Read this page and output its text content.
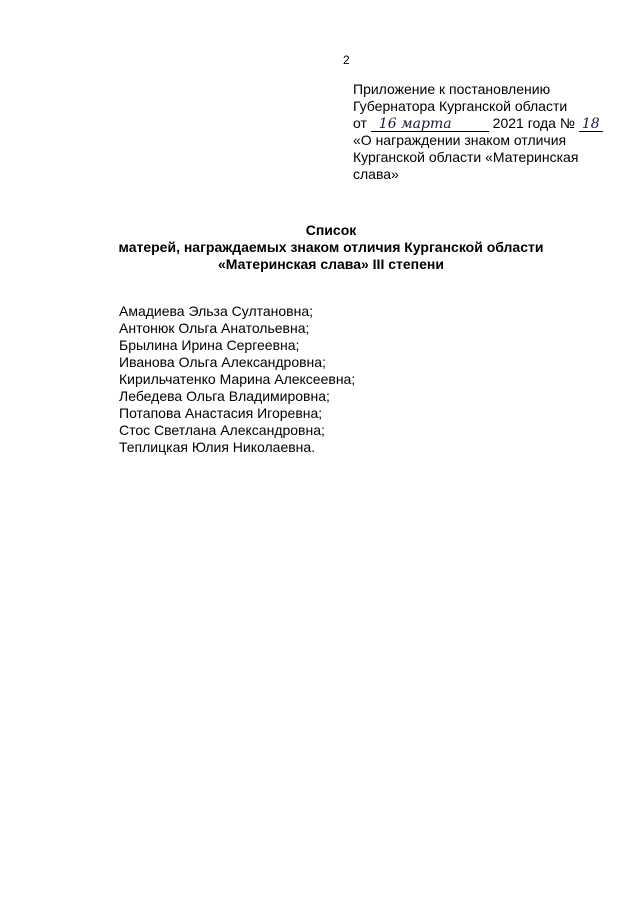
2
Приложение к постановлению
Губернатора Курганской области
от 16 марта	2021 года № 18
«О награждении знаком отличия
Курганской области «Материнская
слава»
Список
матерей, награждаемых знаком отличия Курганской области
«Материнская слава» III степени
Амадиева Эльза Султановна;
Антонюк Ольга Анатольевна;
Брылина Ирина Сергеевна;
Иванова Ольга Александровна;
Кирильчатенко Марина Алексеевна;
Лебедева Ольга Владимировна;
Потапова Анастасия Игоревна;
Стос Светлана Александровна;
Теплицкая Юлия Николаевна.
